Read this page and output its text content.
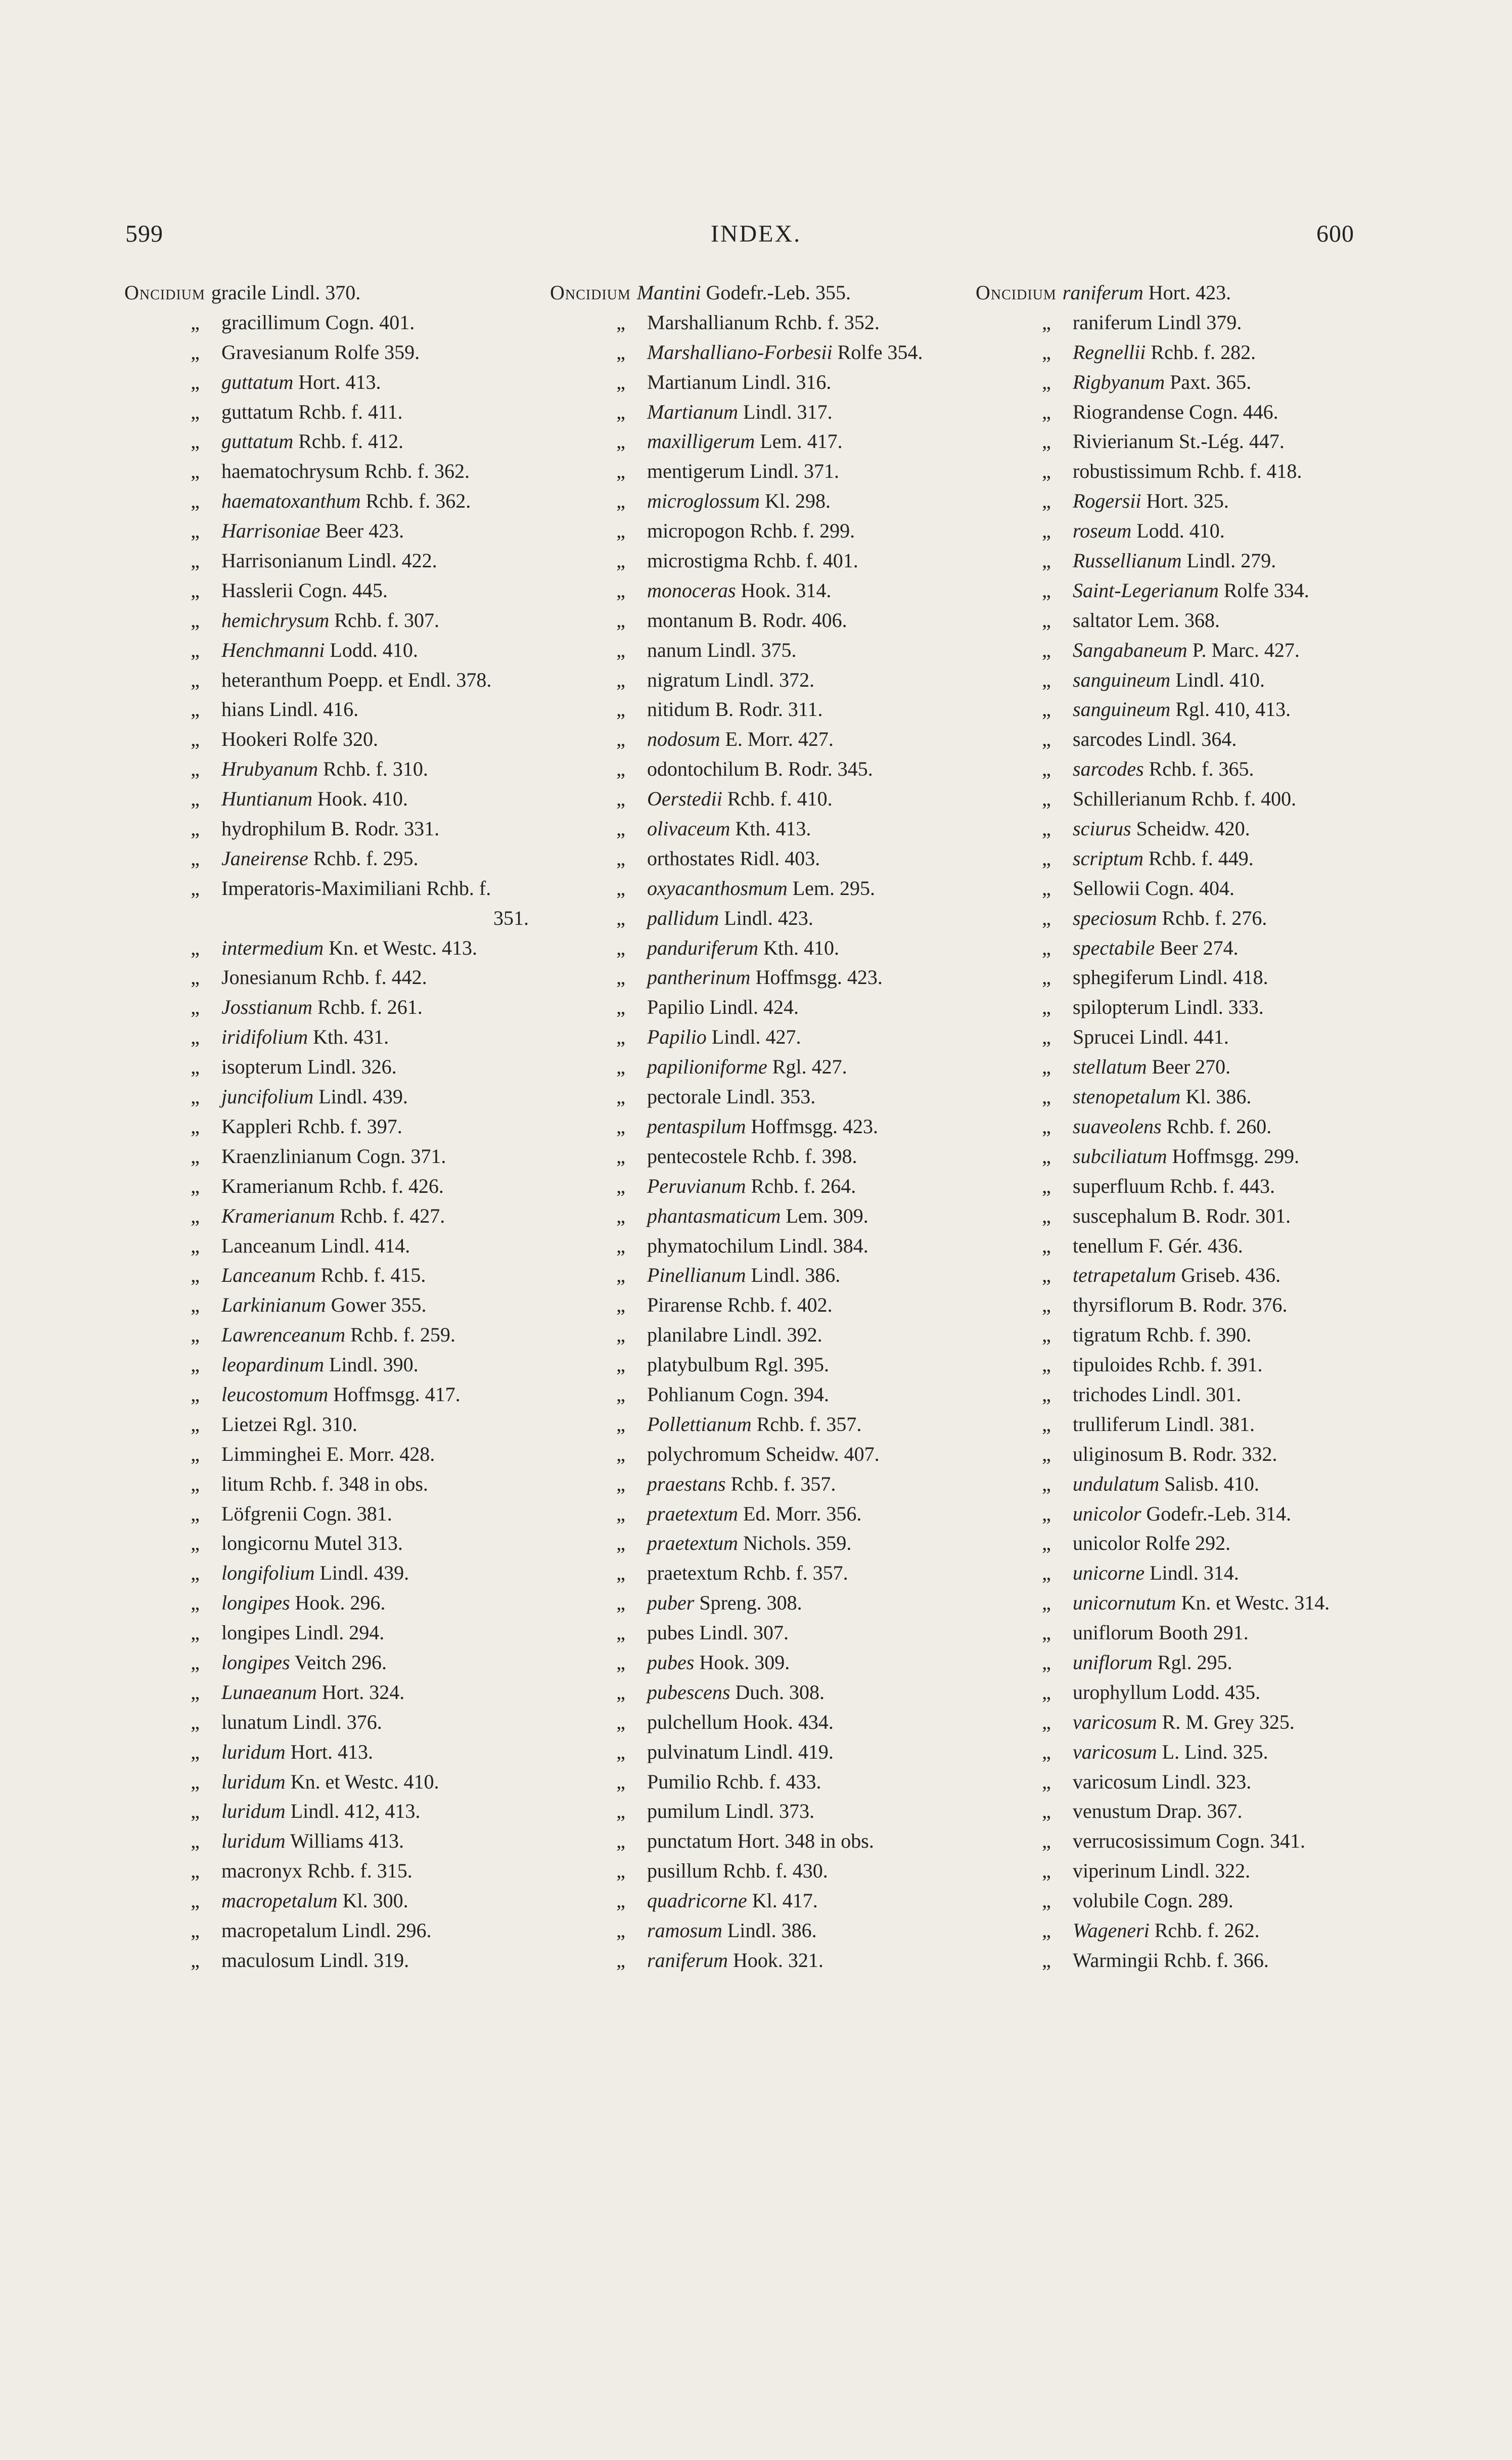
599	INDEX.	600
Oncidium gracile Lindl. 370.
„ gracillimum Cogn. 401.
„ Gravesianum Rolfe 359.
„ guttatum Hort. 413.
„ guttatum Rchb. f. 411.
„ guttatum Rchb. f. 412.
„ haematochrysum Rchb. f. 362.
„ haematoxanthum Rchb. f. 362.
„ Harrisoniae Beer 423.
„ Harrisonianum Lindl. 422.
„ Hasslerii Cogn. 445.
„ hemichrysum Rchb. f. 307.
„ Henchmanni Lodd. 410.
„ heteranthum Poepp. et Endl. 378.
„ hians Lindl. 416.
„ Hookeri Rolfe 320.
„ Hrubyanum Rchb. f. 310.
„ Huntianum Hook. 410.
„ hydrophilum B. Rodr. 331.
„ Janeirense Rchb. f. 295.
„ Imperatoris-Maximiliani Rchb. f.
351.
„ intermedium Kn. et Westc. 413.
„ Jonesianum Rchb. f. 442.
„ Josstianum Rchb. f. 261.
„ iridifolium Kth. 431.
„ isopterum Lindl. 326.
„ juncifolium Lindl. 439.
„ Kappleri Rchb. f. 397.
„ Kraenzlinianum Cogn. 371.
„ Kramerianum Rchb. f. 426.
„ Kramerianum Rchb. f. 427.
„ Lanceanum Lindl. 414.
„ Lanceanum Rchb. f. 415.
„ Larkinianum Gower 355.
„ Lawrenceanum Rchb. f. 259.
„ leopardinum Lindl. 390.
„ leucostomum Hoffmsgg. 417.
„ Lietzei Rgl. 310.
„ Limminghei E. Morr. 428.
„ litum Rchb. f. 348 in obs.
„ Löfgrenii Cogn. 381.
„ longicornu Mutel 313.
„ longifolium Lindl. 439.
„ longipes Hook. 296.
„ longipes Lindl. 294.
„ longipes Veitch 296.
„ Lunaeanum Hort. 324.
„ lunatum Lindl. 376.
„ luridum Hort. 413.
„ luridum Kn. et Westc. 410.
„ luridum Lindl. 412, 413.
„ luridum Williams 413.
„ macronyx Rchb. f. 315.
„ macropetalum Kl. 300.
„ macropetalum Lindl. 296.
„ maculosum Lindl. 319.
Oncidium Mantini Godefr.-Leb. 355.
„ Marshallianum Rchb. f. 352.
„ Marshalliano-Forbesii Rolfe 354.
„ Martianum Lindl. 316.
„ Martianum Lindl. 317.
„ maxilligerum Lem. 417.
„ mentigerum Lindl. 371.
„ microglossum Kl. 298.
„ micropogon Rchb. f. 299.
„ microstigma Rchb. f. 401.
„ monoceras Hook. 314.
„ montanum B. Rodr. 406.
„ nanum Lindl. 375.
„ nigratum Lindl. 372.
„ nitidum B. Rodr. 311.
„ nodosum E. Morr. 427.
„ odontochilum B. Rodr. 345.
„ Oerstedii Rchb. f. 410.
„ olivaceum Kth. 413.
„ orthostates Ridl. 403.
„ oxyacanthosmum Lem. 295.
„ pallidum Lindl. 423.
„ panduriferum Kth. 410.
„ pantherinum Hoffmsgg. 423.
„ Papilio Lindl. 424.
„ Papilio Lindl. 427.
„ papilioniforme Rgl. 427.
„ pectorale Lindl. 353.
„ pentaspilum Hoffmsgg. 423.
„ pentecostele Rchb. f. 398.
„ Peruvianum Rchb. f. 264.
„ phantasmaticum Lem. 309.
„ phymatochilum Lindl. 384.
„ Pinellianum Lindl. 386.
„ Pirarense Rchb. f. 402.
„ planilabre Lindl. 392.
„ platybulbum Rgl. 395.
„ Pohlianum Cogn. 394.
„ Pollettianum Rchb. f. 357.
„ polychromum Scheidw. 407.
„ praestans Rchb. f. 357.
„ praetextum Ed. Morr. 356.
„ praetextum Nichols. 359.
„ praetextum Rchb. f. 357.
„ puber Spreng. 308.
„ pubes Lindl. 307.
„ pubes Hook. 309.
„ pubescens Duch. 308.
„ pulchellum Hook. 434.
„ pulvinatum Lindl. 419.
„ Pumilio Rchb. f. 433.
„ pumilum Lindl. 373.
„ punctatum Hort. 348 in obs.
„ pusillum Rchb. f. 430.
„ quadricorne Kl. 417.
„ ramosum Lindl. 386.
„ raniferum Hook. 321.
Oncidium raniferum Hort. 423.
„ raniferum Lindl 379.
„ Regnellii Rchb. f. 282.
„ Rigbyanum Paxt. 365.
„ Riograndense Cogn. 446.
„ Rivierianum St.-Lég. 447.
„ robustissimum Rchb. f. 418.
„ Rogersii Hort. 325.
„ roseum Lodd. 410.
„ Russellianum Lindl. 279.
„ Saint-Legerianum Rolfe 334.
„ saltator Lem. 368.
„ Sangabaneum P. Marc. 427.
„ sanguineum Lindl. 410.
„ sanguineum Rgl. 410, 413.
„ sarcodes Lindl. 364.
„ sarcodes Rchb. f. 365.
„ Schillerianum Rchb. f. 400.
„ sciurus Scheidw. 420.
„ scriptum Rchb. f. 449.
„ Sellowii Cogn. 404.
„ speciosum Rchb. f. 276.
„ spectabile Beer 274.
„ sphegiferum Lindl. 418.
„ spilopterum Lindl. 333.
„ Sprucei Lindl. 441.
„ stellatum Beer 270.
„ stenopetalum Kl. 386.
„ suaveolens Rchb. f. 260.
„ subciliatum Hoffmsgg. 299.
„ superfluum Rchb. f. 443.
„ suscephalum B. Rodr. 301.
„ tenellum F. Gér. 436.
„ tetrapetalum Griseb. 436.
„ thyrsiflorum B. Rodr. 376.
„ tigratum Rchb. f. 390.
„ tipuloides Rchb. f. 391.
„ trichodes Lindl. 301.
„ trulliferum Lindl. 381.
„ uliginosum B. Rodr. 332.
„ undulatum Salisb. 410.
„ unicolor Godefr.-Leb. 314.
„ unicolor Rolfe 292.
„ unicorne Lindl. 314.
„ unicornutum Kn. et Westc. 314.
„ uniflorum Booth 291.
„ uniflorum Rgl. 295.
„ urophyllum Lodd. 435.
„ varicosum R. M. Grey 325.
„ varicosum L. Lind. 325.
„ varicosum Lindl. 323.
„ venustum Drap. 367.
„ verrucosissimum Cogn. 341.
„ viperinum Lindl. 322.
„ volubile Cogn. 289.
„ Wageneri Rchb. f. 262.
„ Warmingii Rchb. f. 366.
